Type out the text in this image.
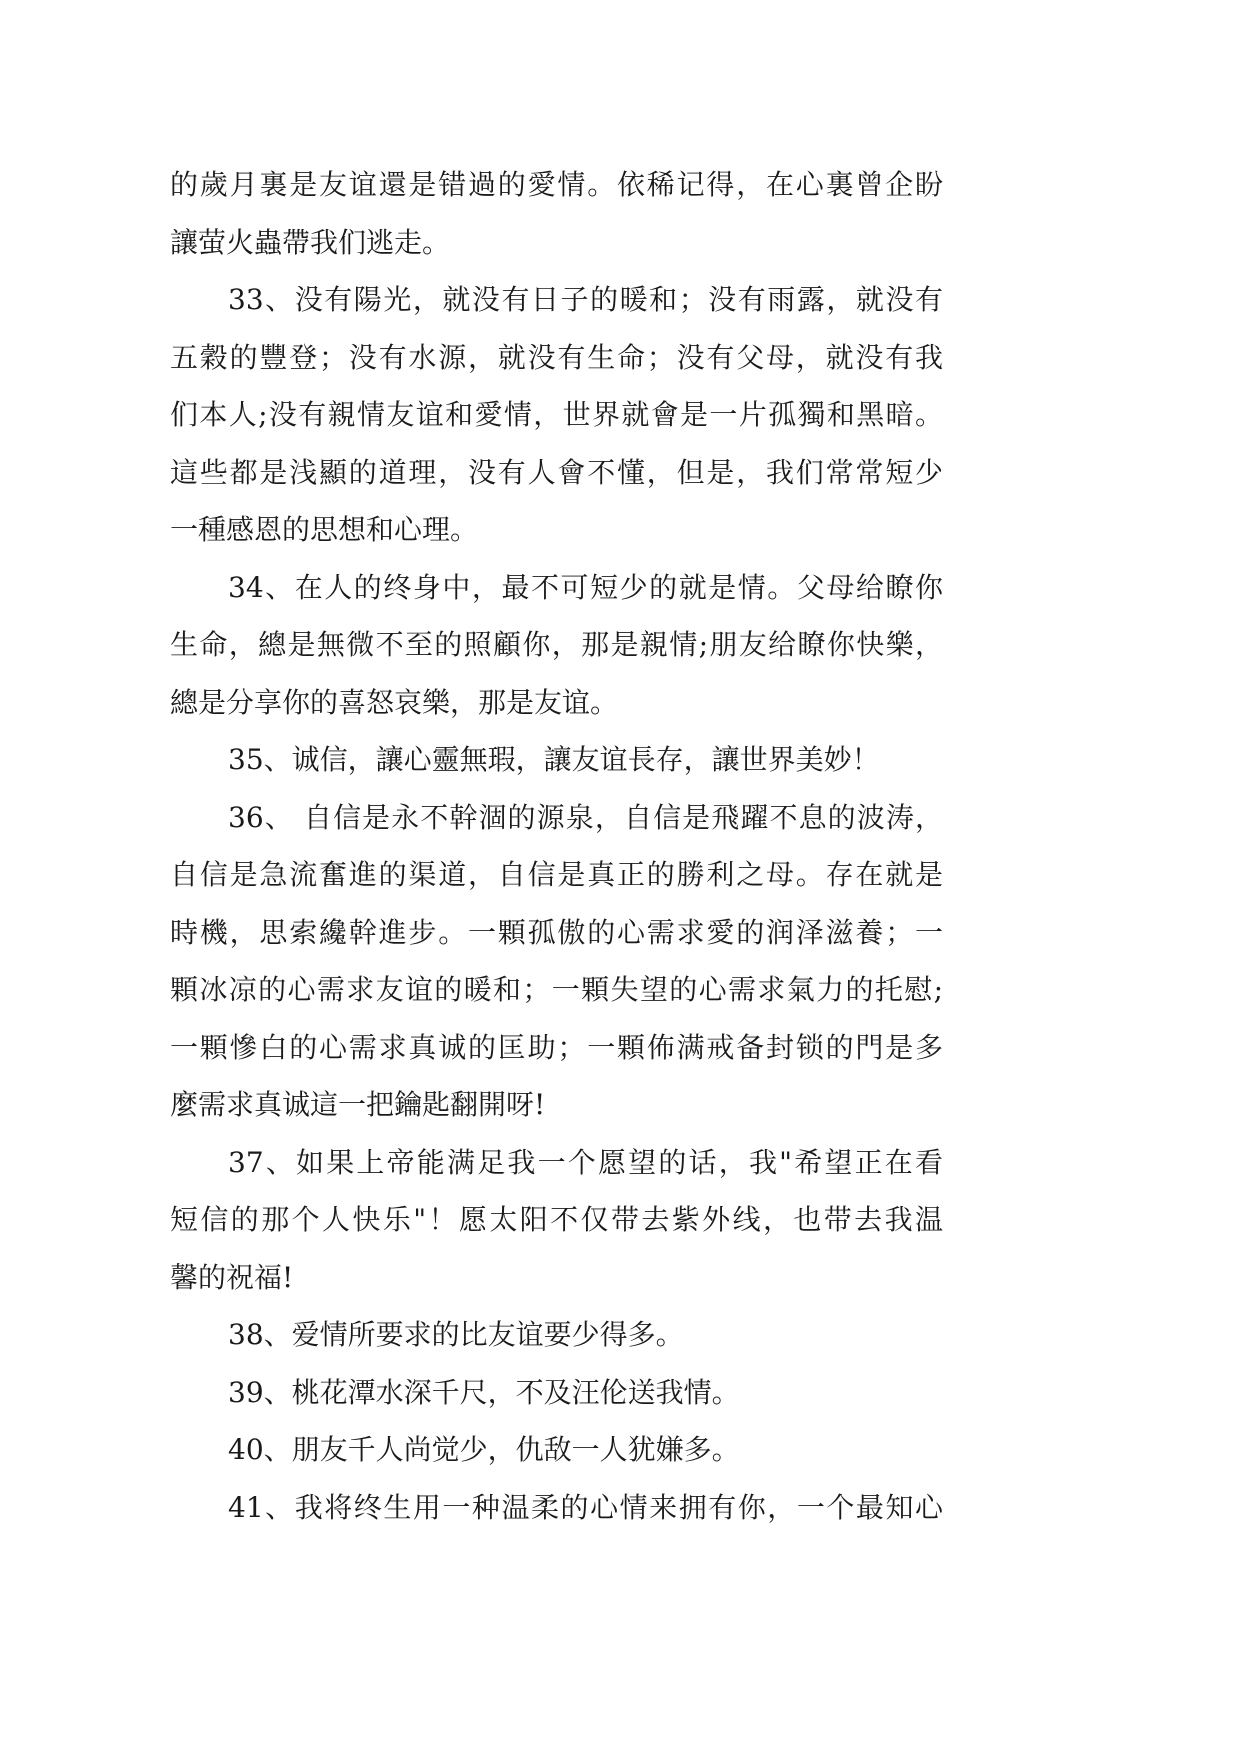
的歲月裏是友谊還是错過的愛情。依稀记得，在心裏曾企盼
讓萤火蟲帶我们逃走。
33、没有陽光，就没有日子的暖和；没有雨露，就没有
五穀的豐登；没有水源，就没有生命；没有父母，就没有我
们本人;没有親情友谊和愛情，世界就會是一片孤獨和黑暗。
這些都是浅顯的道理，没有人會不懂，但是，我们常常短少
一種感恩的思想和心理。
34、在人的终身中，最不可短少的就是情。父母给瞭你
生命，總是無微不至的照顧你，那是親情;朋友给瞭你快樂，
總是分享你的喜怒哀樂，那是友谊。
35、诚信，讓心靈無瑕，讓友谊長存，讓世界美妙！
36、 自信是永不幹涸的源泉，自信是飛躍不息的波涛，
自信是急流奮進的渠道，自信是真正的勝利之母。存在就是
時機，思索纔幹進步。一顆孤傲的心需求愛的润泽滋養；一
顆冰凉的心需求友谊的暖和；一顆失望的心需求氣力的托慰;
一顆慘白的心需求真诚的匡助；一顆佈满戒备封锁的門是多
麼需求真诚這一把鑰匙翻開呀!
37、如果上帝能满足我一个愿望的话，我"希望正在看
短信的那个人快乐"！愿太阳不仅带去紫外线，也带去我温
馨的祝福!
38、爱情所要求的比友谊要少得多。
39、桃花潭水深千尺，不及汪伦送我情。
40、朋友千人尚觉少，仇敌一人犹嫌多。
41、我将终生用一种温柔的心情来拥有你，一个最知心
